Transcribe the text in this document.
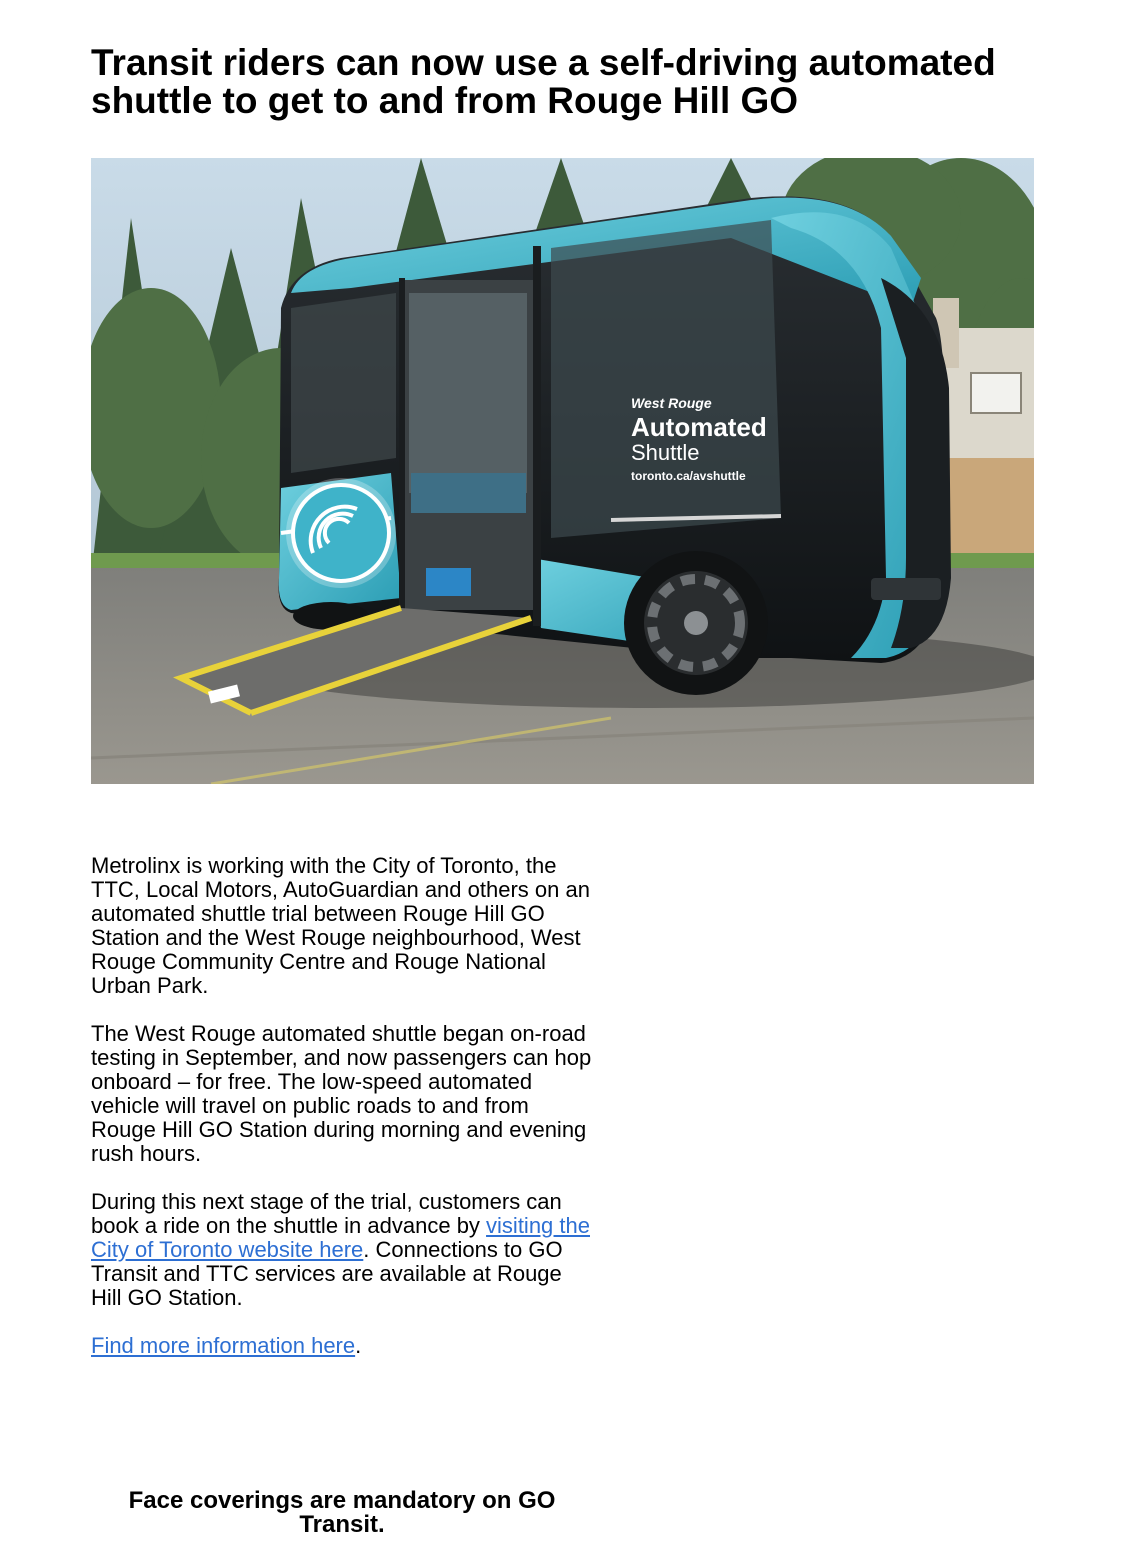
Transit riders can now use a self-driving automated shuttle to get to and from Rouge Hill GO
West Rouge
Automated
Shuttle
toronto.ca/avshuttle

Metrolinx is working with the City of Toronto, the TTC, Local Motors, AutoGuardian and others on an automated shuttle trial between Rouge Hill GO Station and the West Rouge neighbourhood, West Rouge Community Centre and Rouge National Urban Park.

The West Rouge automated shuttle began on-road testing in September, and now passengers can hop onboard – for free. The low-speed automated vehicle will travel on public roads to and from Rouge Hill GO Station during morning and evening rush hours.

During this next stage of the trial, customers can book a ride on the shuttle in advance by visiting the City of Toronto website here. Connections to GO Transit and TTC services are available at Rouge Hill GO Station.

Find more information here.

Face coverings are mandatory on GO Transit.
